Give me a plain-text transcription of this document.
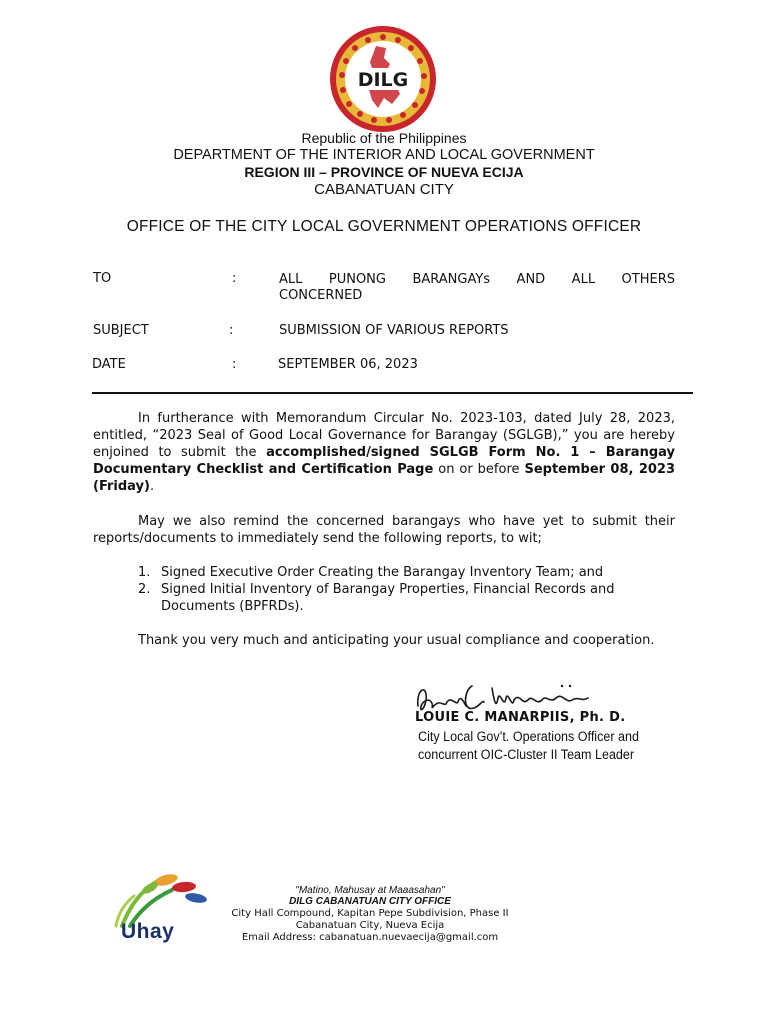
DILG
Republic of the Philippines
DEPARTMENT OF THE INTERIOR AND LOCAL GOVERNMENT
REGION III – PROVINCE OF NUEVA ECIJA
CABANATUAN CITY
OFFICE OF THE CITY LOCAL GOVERNMENT OPERATIONS OFFICER
TO	:	ALL PUNONG BARANGAYs AND ALL OTHERS
CONCERNED
SUBJECT	:	SUBMISSION OF VARIOUS REPORTS
DATE	:	SEPTEMBER 06, 2023
In furtherance with Memorandum Circular No. 2023-103, dated July 28, 2023, entitled, “2023 Seal of Good Local Governance for Barangay (SGLGB),” you are hereby enjoined to submit the accomplished/signed SGLGB Form No. 1 – Barangay Documentary Checklist and Certification Page on or before September 08, 2023 (Friday).
May we also remind the concerned barangays who have yet to submit their reports/documents to immediately send the following reports, to wit;
1. Signed Executive Order Creating the Barangay Inventory Team; and
2. Signed Initial Inventory of Barangay Properties, Financial Records and Documents (BPFRDs).
Thank you very much and anticipating your usual compliance and cooperation.
LOUIE C. MANARPIIS, Ph. D.
City Local Gov’t. Operations Officer and
concurrent OIC-Cluster II Team Leader
Uhay
"Matino, Mahusay at Maaasahan"
DILG CABANATUAN CITY OFFICE
City Hall Compound, Kapitan Pepe Subdivision, Phase II
Cabanatuan City, Nueva Ecija
Email Address: cabanatuan.nuevaecija@gmail.com
